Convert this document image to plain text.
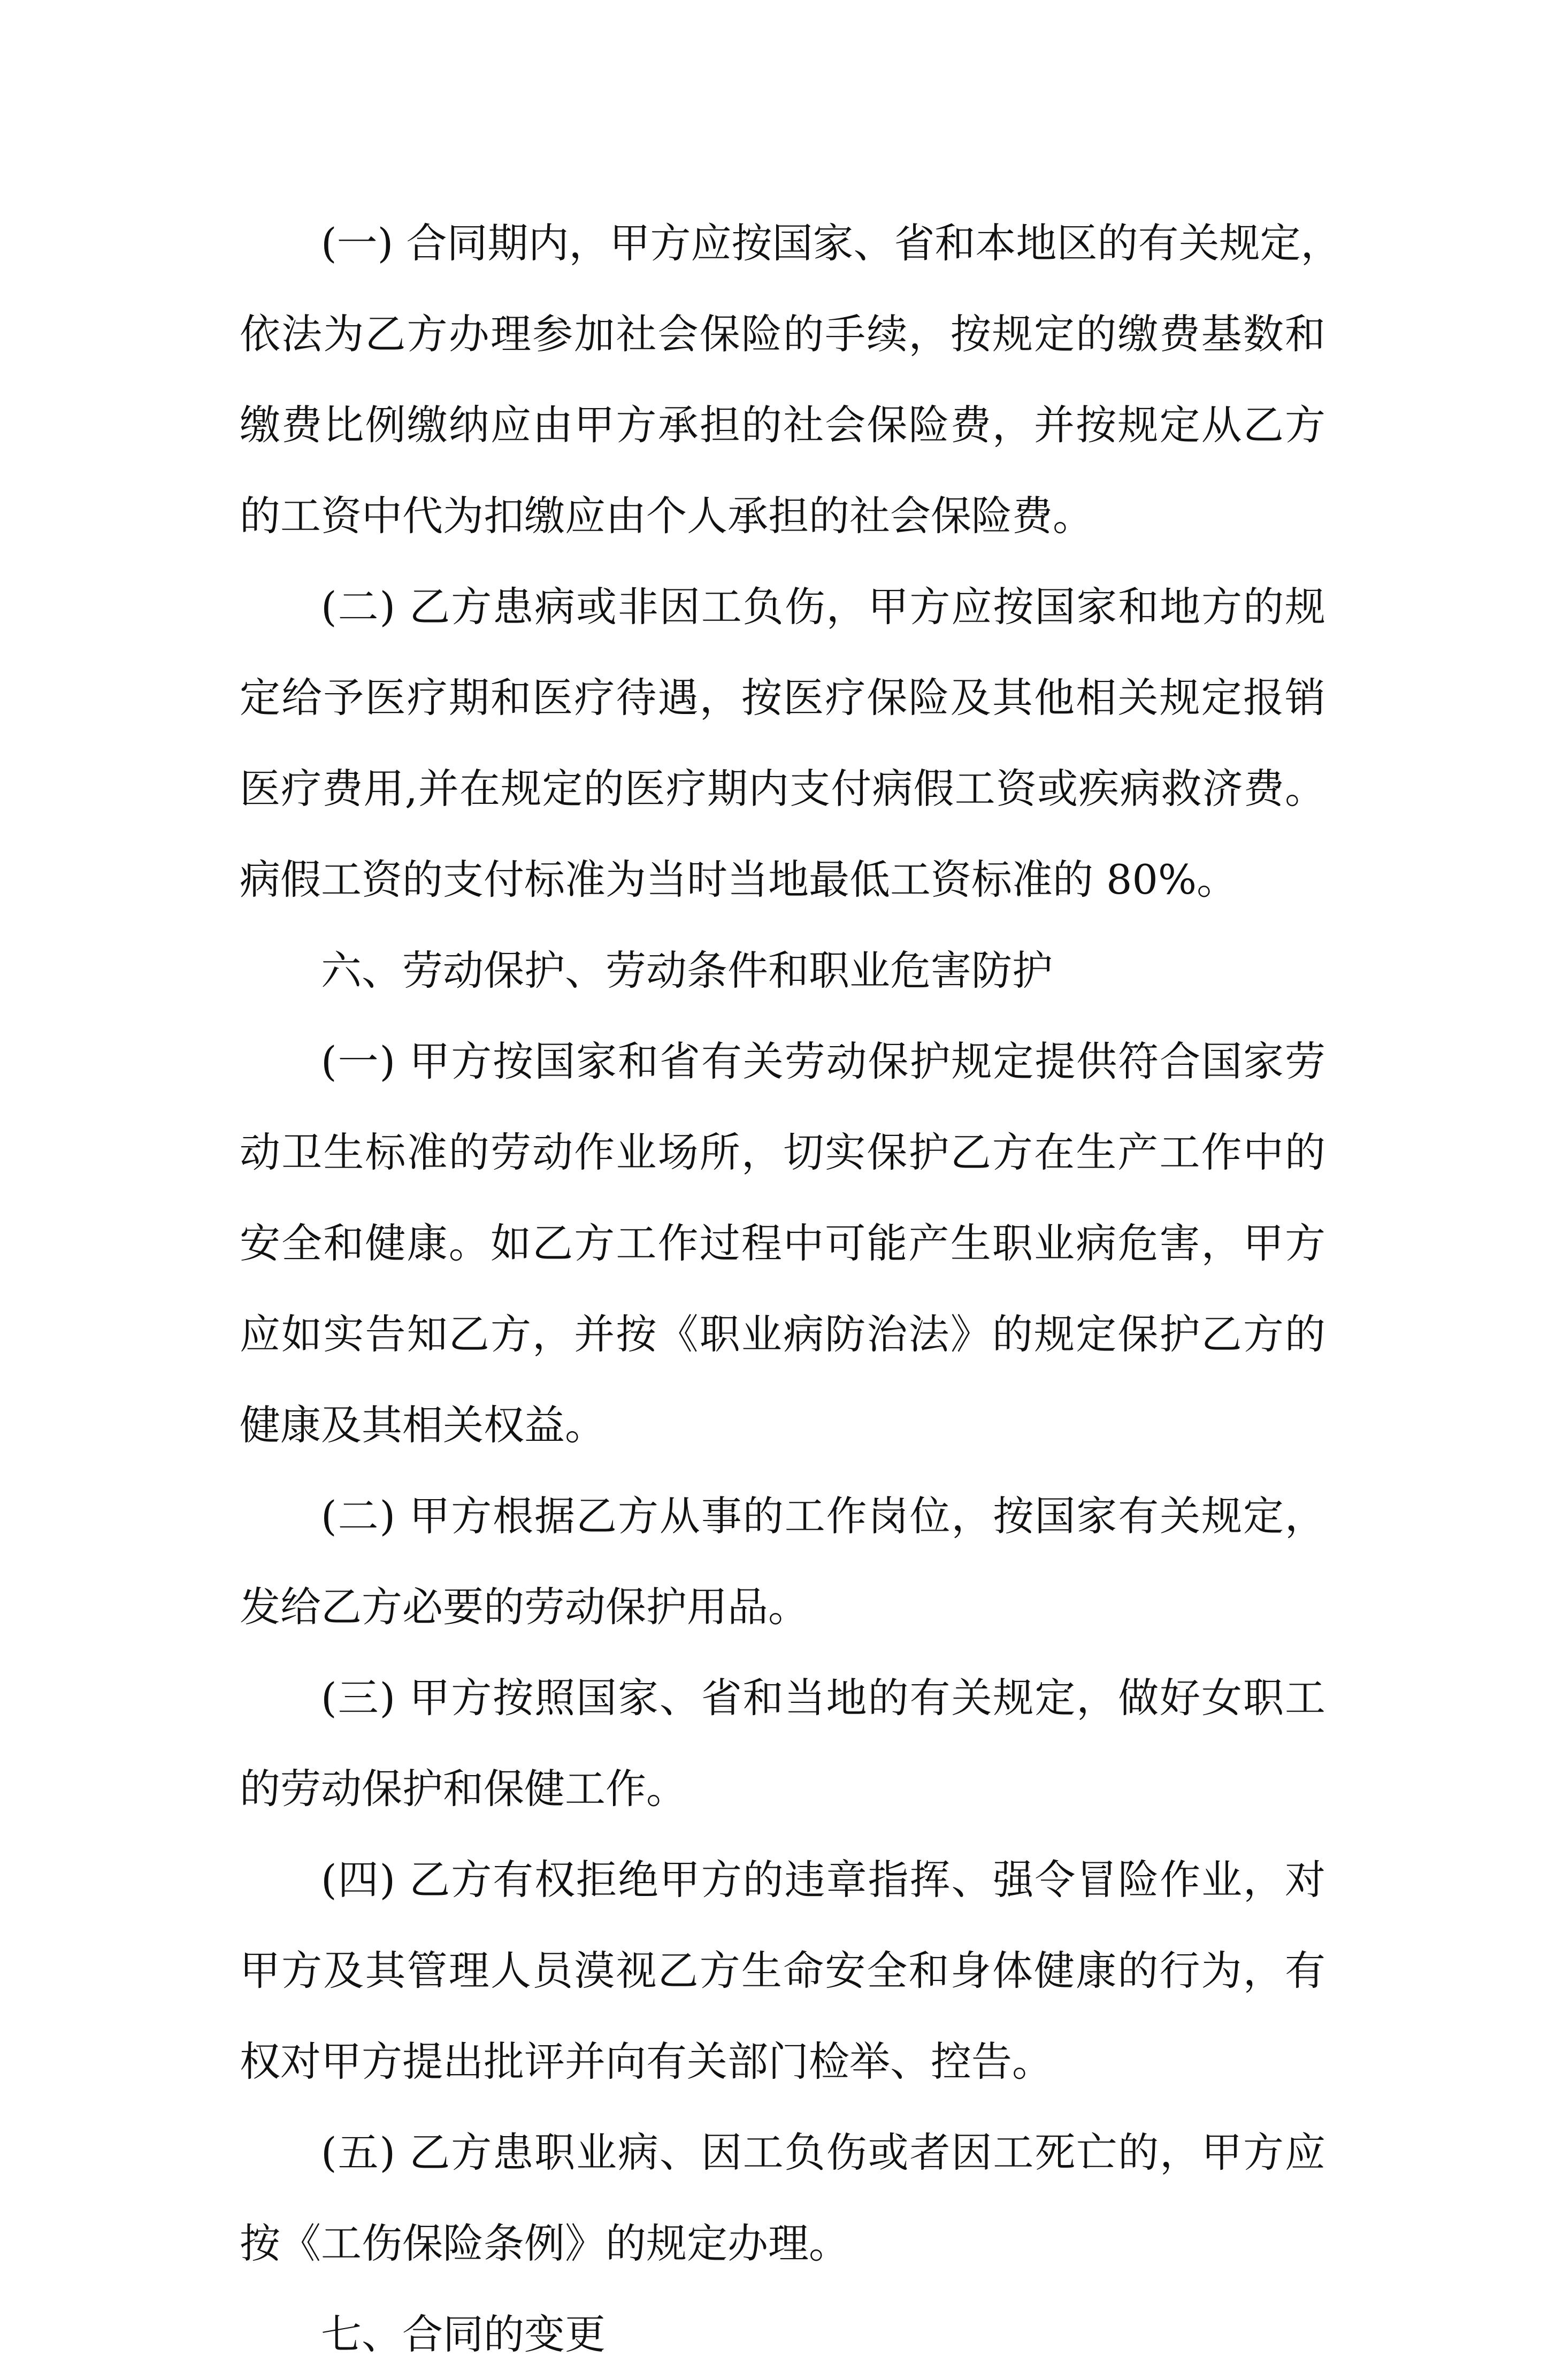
(一) 合同期内，甲方应按国家、省和本地区的有关规定，
依法为乙方办理参加社会保险的手续，按规定的缴费基数和
缴费比例缴纳应由甲方承担的社会保险费，并按规定从乙方
的工资中代为扣缴应由个人承担的社会保险费。
(二) 乙方患病或非因工负伤，甲方应按国家和地方的规
定给予医疗期和医疗待遇，按医疗保险及其他相关规定报销
医疗费用,并在规定的医疗期内支付病假工资或疾病救济费。
病假工资的支付标准为当时当地最低工资标准的 80%。
六、劳动保护、劳动条件和职业危害防护
(一) 甲方按国家和省有关劳动保护规定提供符合国家劳
动卫生标准的劳动作业场所，切实保护乙方在生产工作中的
安全和健康。如乙方工作过程中可能产生职业病危害，甲方
应如实告知乙方，并按《职业病防治法》的规定保护乙方的
健康及其相关权益。
(二) 甲方根据乙方从事的工作岗位，按国家有关规定，
发给乙方必要的劳动保护用品。
(三) 甲方按照国家、省和当地的有关规定，做好女职工
的劳动保护和保健工作。
(四) 乙方有权拒绝甲方的违章指挥、强令冒险作业，对
甲方及其管理人员漠视乙方生命安全和身体健康的行为，有
权对甲方提出批评并向有关部门检举、控告。
(五) 乙方患职业病、因工负伤或者因工死亡的，甲方应
按《工伤保险条例》的规定办理。
七、合同的变更
